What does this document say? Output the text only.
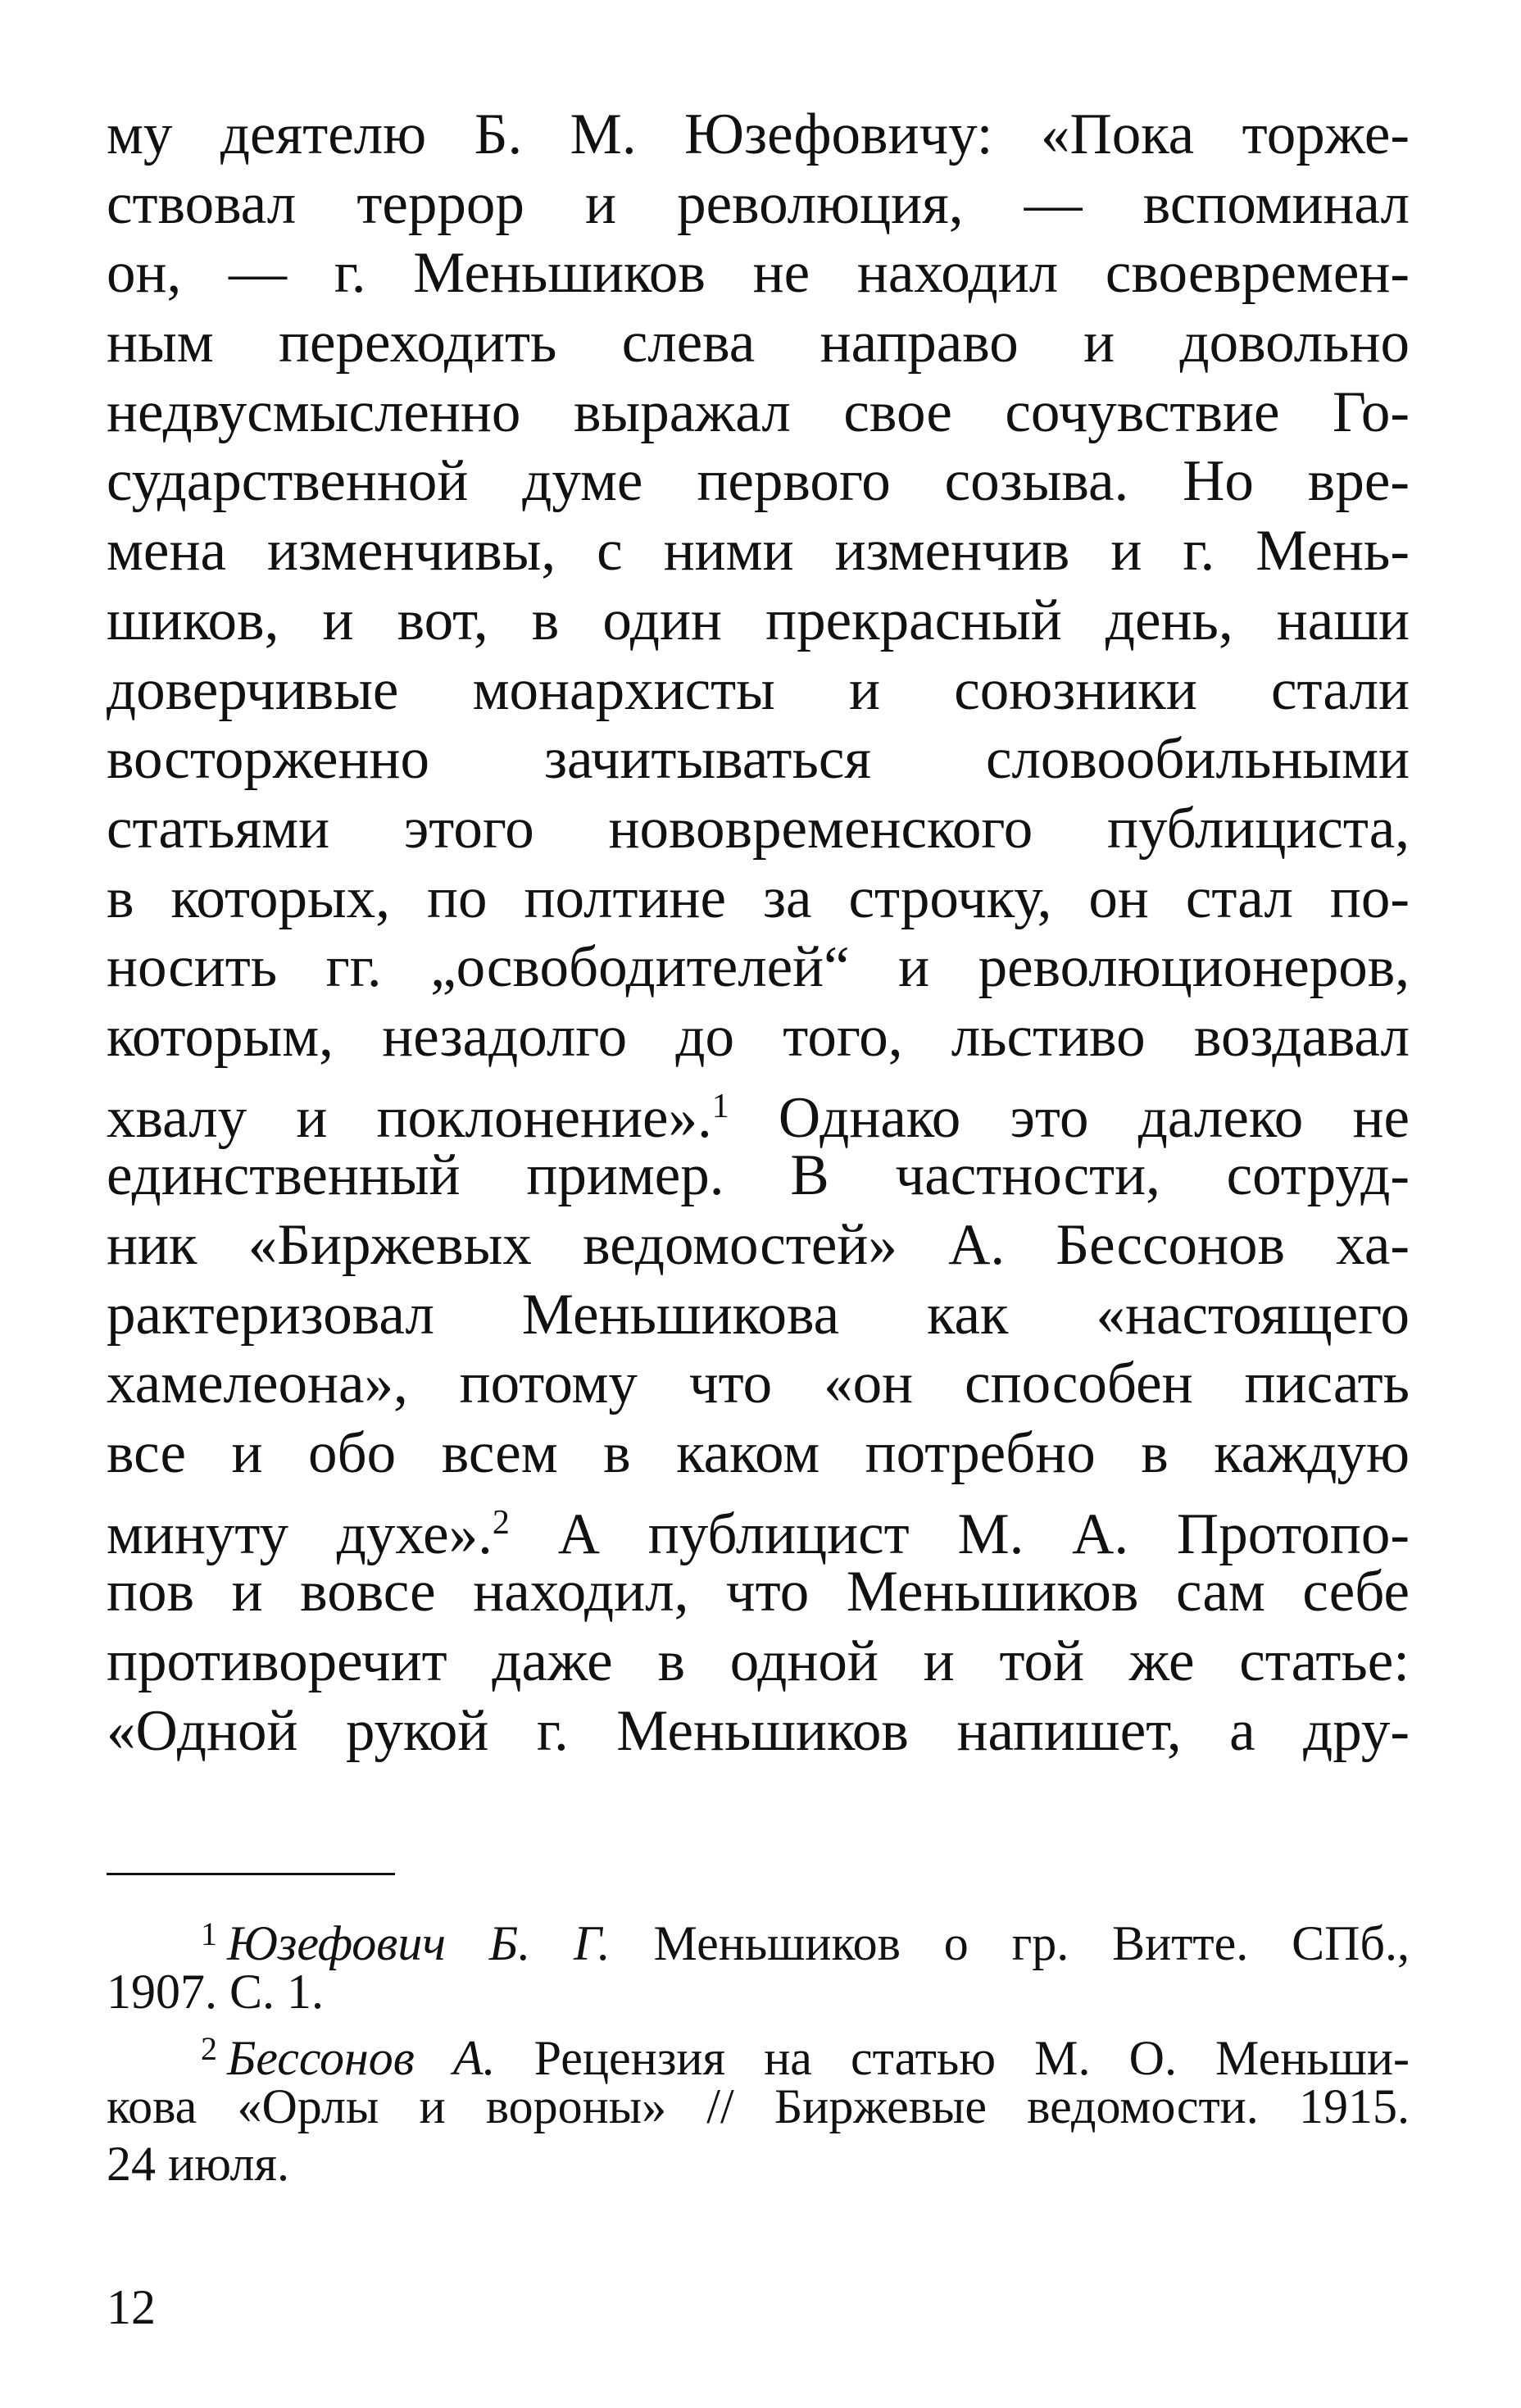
му деятелю Б. М. Юзефовичу: «Пока торже-
ствовал террор и революция, — вспоминал
он, — г. Меньшиков не находил своевремен-
ным переходить слева направо и довольно
недвусмысленно выражал свое сочувствие Го-
сударственной думе первого созыва. Но вре-
мена изменчивы, с ними изменчив и г. Мень-
шиков, и вот, в один прекрасный день, наши
доверчивые монархисты и союзники стали
восторженно зачитываться словообильными
статьями этого нововременского публициста,
в которых, по полтине за строчку, он стал по-
носить гг. „освободителей“ и революционеров,
которым, незадолго до того, льстиво воздавал
хвалу и поклонение».$^1$ Однако это далеко не
единственный пример. В частности, сотруд-
ник «Биржевых ведомостей» А. Бессонов ха-
рактеризовал Меньшикова как «настоящего
хамелеона», потому что «он способен писать
все и обо всем в каком потребно в каждую
минуту духе».$^2$ А публицист М. А. Протопо-
пов и вовсе находил, что Меньшиков сам себе
противоречит даже в одной и той же статье:
«Одной рукой г. Меньшиков напишет, а дру-
$^1$ Юзефович Б. Г. Меньшиков о гр. Витте. СПб.,
1907. С. 1.
$^2$ Бессонов А. Рецензия на статью М. О. Меньши-
кова «Орлы и вороны» // Биржевые ведомости. 1915.
24 июля.
12
